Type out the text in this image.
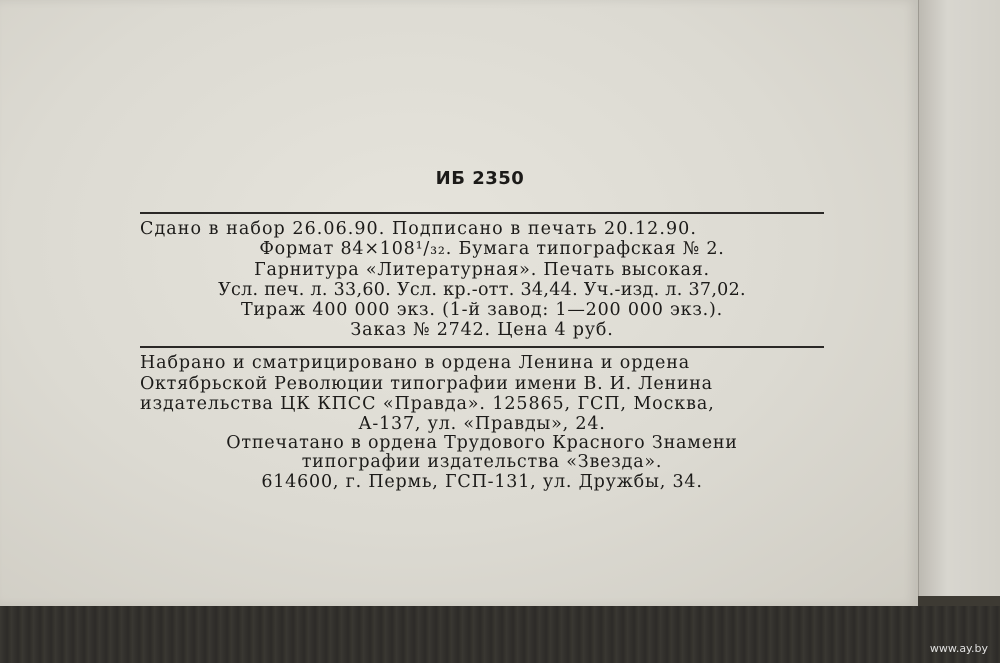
ИБ 2350
Сдано в набор 26.06.90. Подписано в печать 20.12.90.
Формат 84×108¹/₃₂. Бумага типографская № 2.
Гарнитура «Литературная». Печать высокая.
Усл. печ. л. 33,60. Усл. кр.-отт. 34,44. Уч.-изд. л. 37,02.
Тираж 400 000 экз. (1-й завод: 1—200 000 экз.).
Заказ № 2742. Цена 4 руб.
Набрано и сматрицировано в ордена Ленина и ордена
Октябрьской Революции типографии имени В. И. Ленина
издательства ЦК КПСС «Правда». 125865, ГСП, Москва,
А-137, ул. «Правды», 24.
Отпечатано в ордена Трудового Красного Знамени
типографии издательства «Звезда».
614600, г. Пермь, ГСП-131, ул. Дружбы, 34.
www.ay.by
